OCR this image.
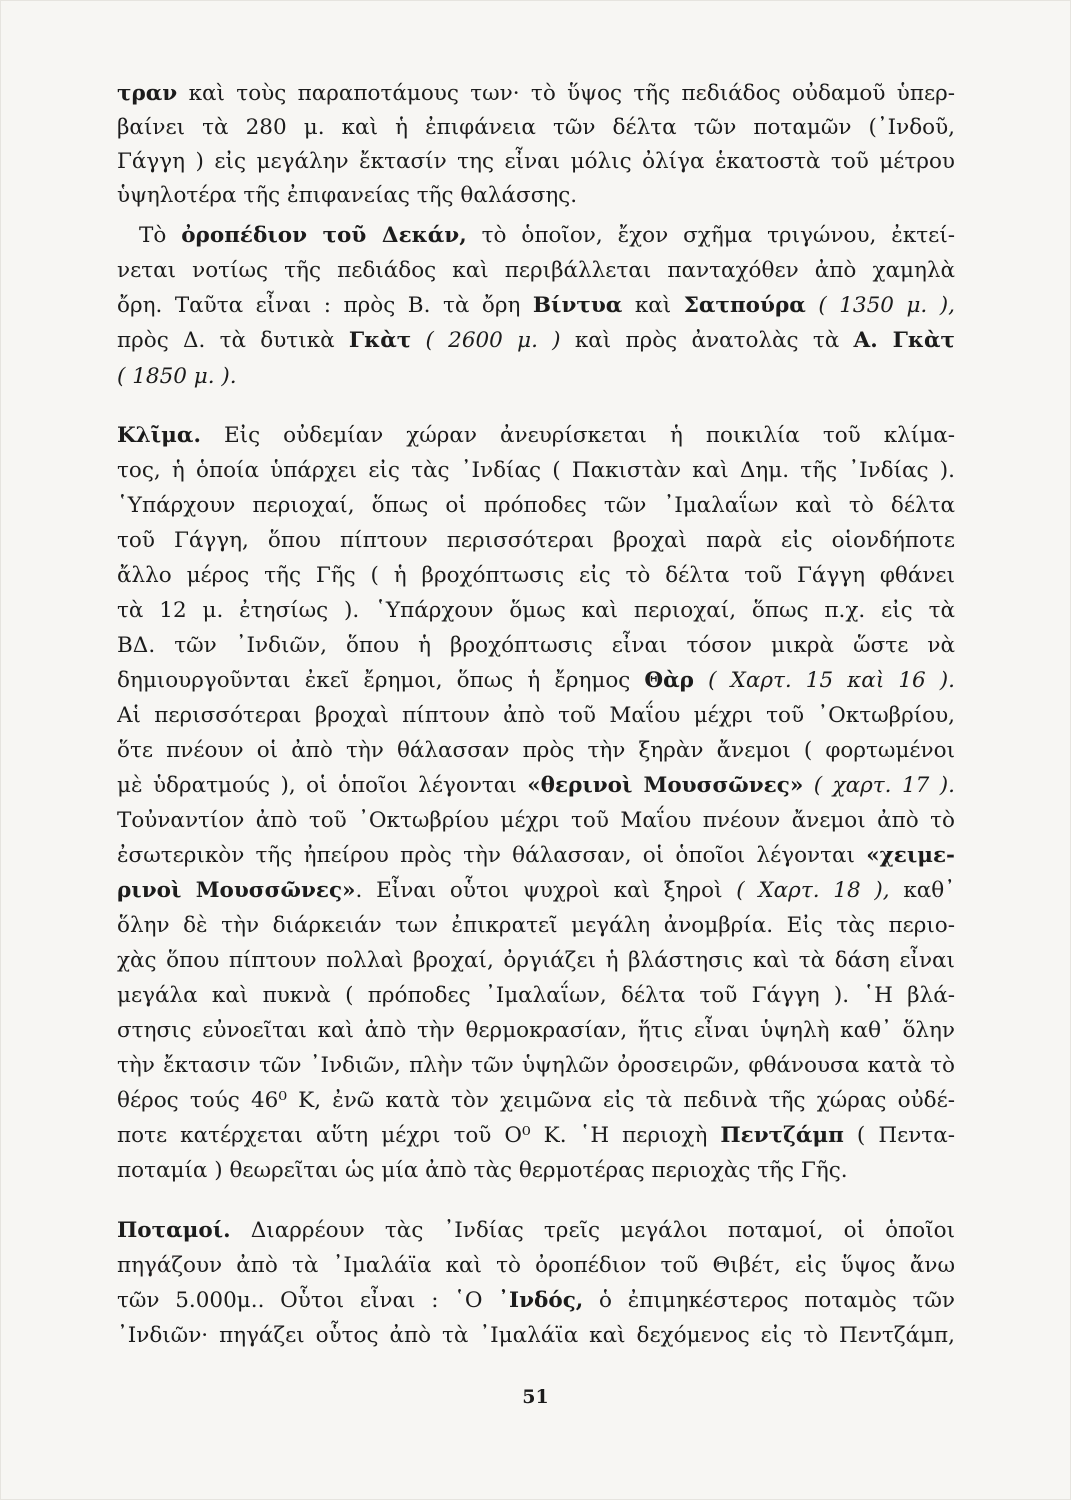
τραν καὶ τοὺς παραποτάμους των· τὸ ὕψος τῆς πεδιάδος οὐδαμοῦ ὑπερ-
βαίνει τὰ 280 μ. καὶ ἡ ἐπιφάνεια τῶν δέλτα τῶν ποταμῶν (᾽Ινδοῦ,
Γάγγη ) εἰς μεγάλην ἔκτασίν της εἶναι μόλις ὀλίγα ἑκατοστὰ τοῦ μέτρου
ὑψηλοτέρα τῆς ἐπιφανείας τῆς θαλάσσης.
Τὸ ὀροπέδιον τοῦ Δεκάν, τὸ ὁποῖον, ἔχον σχῆμα τριγώνου, ἐκτεί-
νεται νοτίως τῆς πεδιάδος καὶ περιβάλλεται πανταχόθεν ἀπὸ χαμηλὰ
ὄρη. Ταῦτα εἶναι : πρὸς Β. τὰ ὄρη Βίντυα καὶ Σατπούρα ( 1350 μ. ),
πρὸς Δ. τὰ δυτικὰ Γκὰτ ( 2600 μ. ) καὶ πρὸς ἀνατολὰς τὰ Α. Γκὰτ
( 1850 μ. ).
Κλῖμα. Εἰς οὐδεμίαν χώραν ἀνευρίσκεται ἡ ποικιλία τοῦ κλίμα-
τος, ἡ ὁποία ὑπάρχει εἰς τὰς ᾽Ινδίας ( Πακιστὰν καὶ Δημ. τῆς ᾽Ινδίας ).
῾Υπάρχουν περιοχαί, ὅπως οἱ πρόποδες τῶν ᾽Ιμαλαΐων καὶ τὸ δέλτα
τοῦ Γάγγη, ὅπου πίπτουν περισσότεραι βροχαὶ παρὰ εἰς οἱονδήποτε
ἄλλο μέρος τῆς Γῆς ( ἡ βροχόπτωσις εἰς τὸ δέλτα τοῦ Γάγγη φθάνει
τὰ 12 μ. ἐτησίως ). ῾Υπάρχουν ὅμως καὶ περιοχαί, ὅπως π.χ. εἰς τὰ
ΒΔ. τῶν ᾽Ινδιῶν, ὅπου ἡ βροχόπτωσις εἶναι τόσον μικρὰ ὥστε νὰ
δημιουργοῦνται ἐκεῖ ἔρημοι, ὅπως ἡ ἔρημος Θὰρ ( Χαρτ. 15 καὶ 16 ).
Αἱ περισσότεραι βροχαὶ πίπτουν ἀπὸ τοῦ Μαΐου μέχρι τοῦ ᾽Οκτωβρίου,
ὅτε πνέουν οἱ ἀπὸ τὴν θάλασσαν πρὸς τὴν ξηρὰν ἄνεμοι ( φορτωμένοι
μὲ ὑδρατμούς ), οἱ ὁποῖοι λέγονται «θερινοὶ Μουσσῶνες» ( χαρτ. 17 ).
Τοὐναντίον ἀπὸ τοῦ ᾽Οκτωβρίου μέχρι τοῦ Μαΐου πνέουν ἄνεμοι ἀπὸ τὸ
ἐσωτερικὸν τῆς ἠπείρου πρὸς τὴν θάλασσαν, οἱ ὁποῖοι λέγονται «χειμε-
ρινοὶ Μουσσῶνες». Εἶναι οὗτοι ψυχροὶ καὶ ξηροὶ ( Χαρτ. 18 ), καθ᾽
ὅλην δὲ τὴν διάρκειάν των ἐπικρατεῖ μεγάλη ἀνομβρία. Εἰς τὰς περιο-
χὰς ὅπου πίπτουν πολλαὶ βροχαί, ὀργιάζει ἡ βλάστησις καὶ τὰ δάση εἶναι
μεγάλα καὶ πυκνὰ ( πρόποδες ᾽Ιμαλαΐων, δέλτα τοῦ Γάγγη ). ῾Η βλά-
στησις εὐνοεῖται καὶ ἀπὸ τὴν θερμοκρασίαν, ἥτις εἶναι ὑψηλὴ καθ᾽ ὅλην
τὴν ἔκτασιν τῶν ᾽Ινδιῶν, πλὴν τῶν ὑψηλῶν ὀροσειρῶν, φθάνουσα κατὰ τὸ
θέρος τούς 46⁰ Κ, ἐνῶ κατὰ τὸν χειμῶνα εἰς τὰ πεδινὰ τῆς χώρας οὐδέ-
ποτε κατέρχεται αὕτη μέχρι τοῦ Ο⁰ Κ. ῾Η περιοχὴ Πεντζάμπ ( Πεντα-
ποταμία ) θεωρεῖται ὡς μία ἀπὸ τὰς θερμοτέρας περιοχὰς τῆς Γῆς.
Ποταμοί. Διαρρέουν τὰς ᾽Ινδίας τρεῖς μεγάλοι ποταμοί, οἱ ὁποῖοι
πηγάζουν ἀπὸ τὰ ᾽Ιμαλάϊα καὶ τὸ ὀροπέδιον τοῦ Θιβέτ, εἰς ὕψος ἄνω
τῶν 5.000μ.. Οὗτοι εἶναι : ῾Ο ᾽Ινδός, ὁ ἐπιμηκέστερος ποταμὸς τῶν
᾽Ινδιῶν· πηγάζει οὗτος ἀπὸ τὰ ᾽Ιμαλάϊα καὶ δεχόμενος εἰς τὸ Πεντζάμπ,
51
